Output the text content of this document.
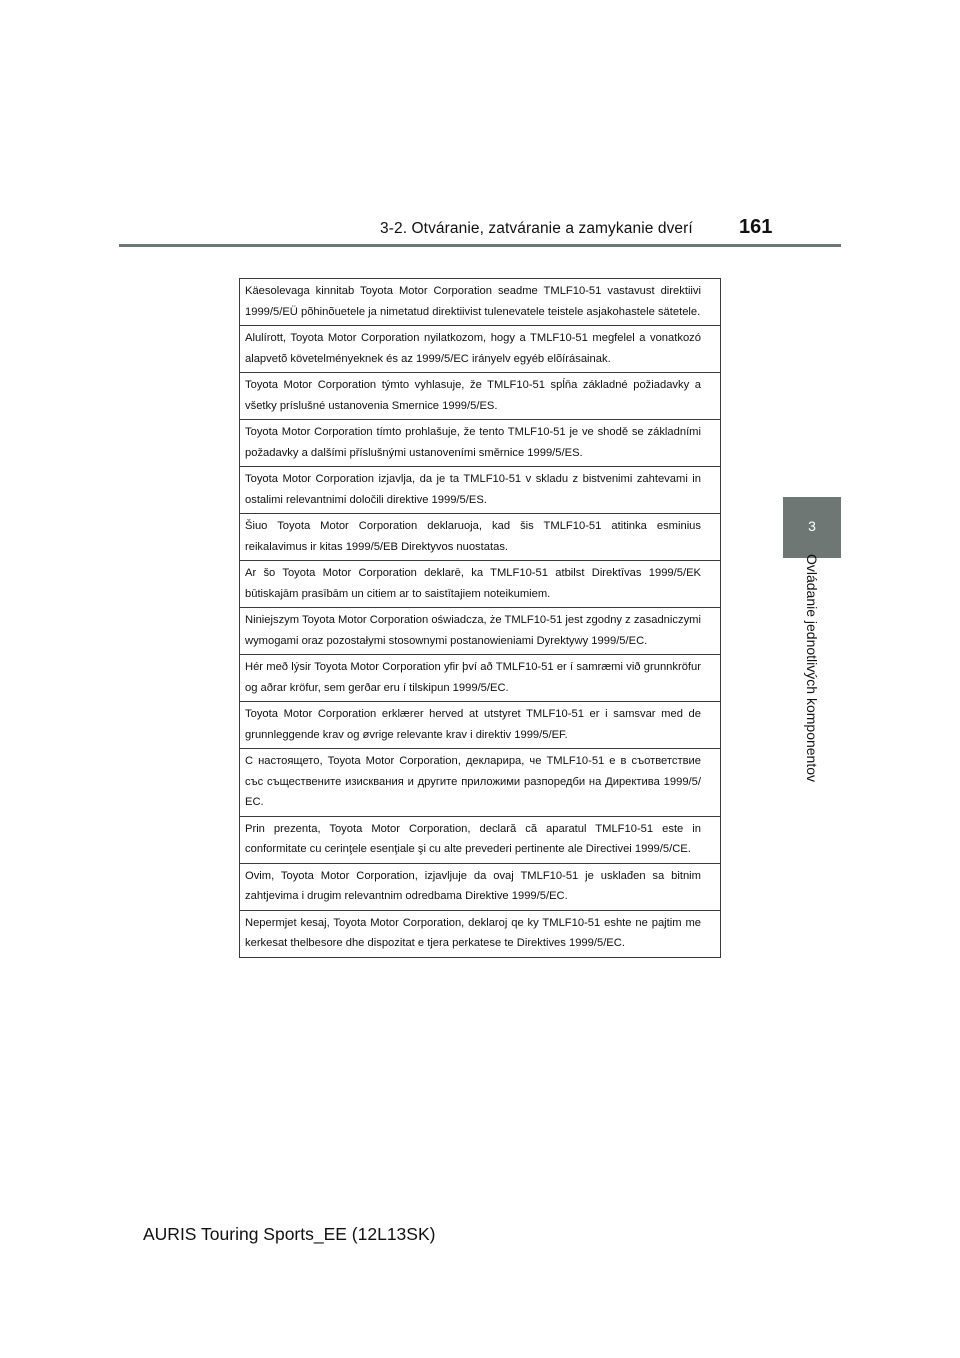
3-2. Otváranie, zatváranie a zamykanie dverí 161
3
Ovládanie jednotlivých komponentov
Käesolevaga kinnitab Toyota Motor Corporation seadme TMLF10-51 vastavust direktiivi 1999/5/EÜ põhinõuetele ja nimetatud direktiivist tulenevatele teistele asjakohastele sätetele.
Alulírott, Toyota Motor Corporation nyilatkozom, hogy a TMLF10-51 megfelel a vonatkozó alapvetõ követelményeknek és az 1999/5/EC irányelv egyéb elõírásainak.
Toyota Motor Corporation týmto vyhlasuje, že TMLF10-51 spĺňa základné požiadavky a všetky príslušné ustanovenia Smernice 1999/5/ES.
Toyota Motor Corporation tímto prohlašuje, že tento TMLF10-51 je ve shodě se základními požadavky a dalšími příslušnými ustanoveními směrnice 1999/5/ES.
Toyota Motor Corporation izjavlja, da je ta TMLF10-51 v skladu z bistvenimi zahtevami in ostalimi relevantnimi določili direktive 1999/5/ES.
Šiuo Toyota Motor Corporation deklaruoja, kad šis TMLF10-51 atitinka esminius reikalavimus ir kitas 1999/5/EB Direktyvos nuostatas.
Ar šo Toyota Motor Corporation deklarē, ka TMLF10-51 atbilst Direktīvas 1999/5/EK būtiskajām prasībām un citiem ar to saistītajiem noteikumiem.
Niniejszym Toyota Motor Corporation oświadcza, że TMLF10-51 jest zgodny z zasadniczymi wymogami oraz pozostałymi stosownymi postanowieniami Dyrektywy 1999/5/EC.
Hér með lýsir Toyota Motor Corporation yfir því að TMLF10-51 er í samræmi við grunnkröfur og aðrar kröfur, sem gerðar eru í tilskipun 1999/5/EC.
Toyota Motor Corporation erklærer herved at utstyret TMLF10-51 er i samsvar med de grunnleggende krav og øvrige relevante krav i direktiv 1999/5/EF.
С настоящето, Toyota Motor Corporation, декларира, че TMLF10-51 е в съответствие със съществените изисквания и другите приложими разпоредби на Директива 1999/5/ЕС.
Prin prezenta, Toyota Motor Corporation, declară că aparatul TMLF10-51 este in conformitate cu cerinţele esenţiale şi cu alte prevederi pertinente ale Directivei 1999/5/CE.
Ovim, Toyota Motor Corporation, izjavljuje da ovaj TMLF10-51 je usklađen sa bitnim zahtjevima i drugim relevantnim odredbama Direktive 1999/5/EC.
Nepermjet kesaj, Toyota Motor Corporation, deklaroj qe ky TMLF10-51 eshte ne pajtim me kerkesat thelbesore dhe dispozitat e tjera perkatese te Direktives 1999/5/EC.
AURIS Touring Sports_EE (12L13SK)
